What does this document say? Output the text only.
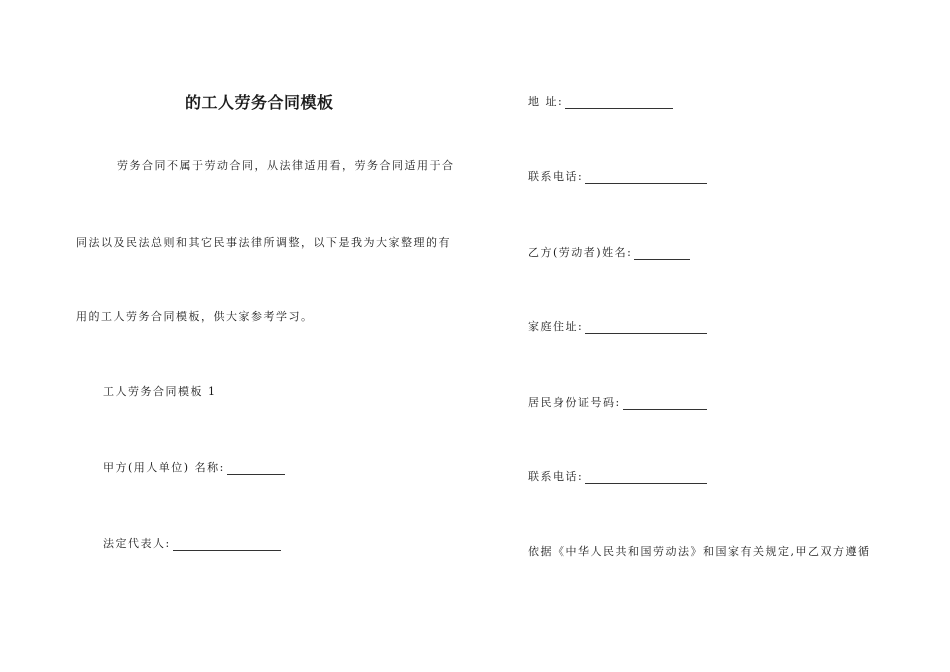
的工人劳务合同模板
劳务合同不属于劳动合同，从法律适用看，劳务合同适用于合
同法以及民法总则和其它民事法律所调整，以下是我为大家整理的有
用的工人劳务合同模板，供大家参考学习。
工人劳务合同模板 1
甲方(用人单位) 名称:
法定代表人:
地 址:
联系电话:
乙方(劳动者)姓名:
家庭住址:
居民身份证号码:
联系电话:
依据《中华人民共和国劳动法》和国家有关规定,甲乙双方遵循
